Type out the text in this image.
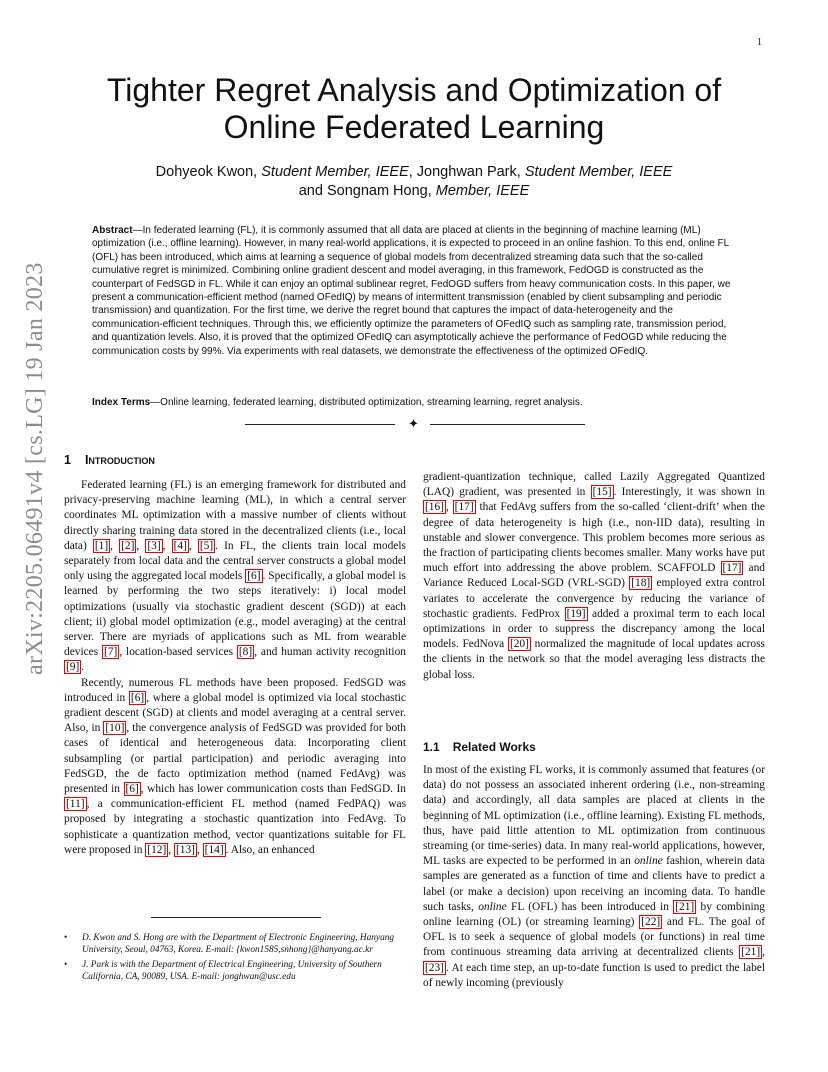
1
arXiv:2205.06491v4 [cs.LG] 19 Jan 2023
Tighter Regret Analysis and Optimization of Online Federated Learning
Dohyeok Kwon, Student Member, IEEE, Jonghwan Park, Student Member, IEEE
and Songnam Hong, Member, IEEE

Abstract—In federated learning (FL), it is commonly assumed that all data are placed at clients in the beginning of machine learning (ML) optimization (i.e., offline learning). However, in many real-world applications, it is expected to proceed in an online fashion. To this end, online FL (OFL) has been introduced, which aims at learning a sequence of global models from decentralized streaming data such that the so-called cumulative regret is minimized. Combining online gradient descent and model averaging, in this framework, FedOGD is constructed as the counterpart of FedSGD in FL. While it can enjoy an optimal sublinear regret, FedOGD suffers from heavy communication costs. In this paper, we present a communication-efficient method (named OFedIQ) by means of intermittent transmission (enabled by client subsampling and periodic transmission) and quantization. For the first time, we derive the regret bound that captures the impact of data-heterogeneity and the communication-efficient techniques. Through this, we efficiently optimize the parameters of OFedIQ such as sampling rate, transmission period, and quantization levels. Also, it is proved that the optimized OFedIQ can asymptotically achieve the performance of FedOGD while reducing the communication costs by 99%. Via experiments with real datasets, we demonstrate the effectiveness of the optimized OFedIQ.

Index Terms—Online learning, federated learning, distributed optimization, streaming learning, regret analysis.

✦
1 Introduction

Federated learning (FL) is an emerging framework for distributed and privacy-preserving machine learning (ML), in which a central server coordinates ML optimization with a massive number of clients without directly sharing training data stored in the decentralized clients (i.e., local data) [1] , [2] , [3] , [4] , [5] . In FL, the clients train local models separately from local data and the central server constructs a global model only using the aggregated local models [6] . Specifically, a global model is learned by performing the two steps iteratively: i) local model optimizations (usually via stochastic gradient descent (SGD)) at each client; ii) global model optimization (e.g., model averaging) at the central server. There are myriads of applications such as ML from wearable devices [7] , location-based services [8] , and human activity recognition [9] .

Recently, numerous FL methods have been proposed. FedSGD was introduced in [6] , where a global model is optimized via local stochastic gradient descent (SGD) at clients and model averaging at a central server. Also, in [10] , the convergence analysis of FedSGD was provided for both cases of identical and heterogeneous data. Incorporating client subsampling (or partial participation) and periodic averaging into FedSGD, the de facto optimization method (named FedAvg) was presented in [6] , which has lower communication costs than FedSGD. In [11] , a communication-efficient FL method (named FedPAQ) was proposed by integrating a stochastic quantization into FedAvg. To sophisticate a quantization method, vector quantizations suitable for FL were proposed in [12] , [13] , [14] . Also, an enhanced

gradient-quantization technique, called Lazily Aggregated Quantized (LAQ) gradient, was presented in [15] . Interestingly, it was shown in [16] , [17] that FedAvg suffers from the so-called ‘client-drift’ when the degree of data heterogeneity is high (i.e., non-IID data), resulting in unstable and slower convergence. This problem becomes more serious as the fraction of participating clients becomes smaller. Many works have put much effort into addressing the above problem. SCAFFOLD [17] and Variance Reduced Local-SGD (VRL-SGD) [18] employed extra control variates to accelerate the convergence by reducing the variance of stochastic gradients. FedProx [19] added a proximal term to each local optimizations in order to suppress the discrepancy among the local models. FedNova [20] normalized the magnitude of local updates across the clients in the network so that the model averaging less distracts the global loss.

1.1 Related Works

In most of the existing FL works, it is commonly assumed that features (or data) do not possess an associated inherent ordering (i.e., non-streaming data) and accordingly, all data samples are placed at clients in the beginning of ML optimization (i.e., offline learning). Existing FL methods, thus, have paid little attention to ML optimization from continuous streaming (or time-series) data. In many real-world applications, however, ML tasks are expected to be performed in an online fashion, wherein data samples are generated as a function of time and clients have to predict a label (or make a decision) upon receiving an incoming data. To handle such tasks, online FL (OFL) has been introduced in [21] by combining online learning (OL) (or streaming learning) [22] and FL. The goal of OFL is to seek a sequence of global models (or functions) in real time from continuous streaming data arriving at decentralized clients [21] , [23] . At each time step, an up-to-date function is used to predict the label of newly incoming (previously

• D. Kwon and S. Hong are with the Department of Electronic Engineering, Hanyang University, Seoul, 04763, Korea. E-mail: {kwon1585,snhong}@hanyang.ac.kr
• J. Park is with the Department of Electrical Engineering, University of Southern California, CA, 90089, USA. E-mail: jonghwan@usc.edu
